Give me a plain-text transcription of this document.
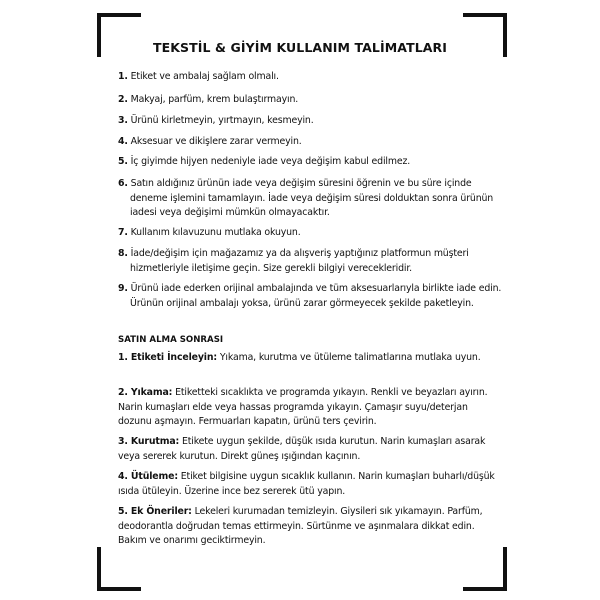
TEKSTİL & GİYİM KULLANIM TALİMATLARI
1. Etiket ve ambalaj sağlam olmalı.
2. Makyaj, parfüm, krem bulaştırmayın.
3. Ürünü kirletmeyin, yırtmayın, kesmeyin.
4. Aksesuar ve dikişlere zarar vermeyin.
5. İç giyimde hijyen nedeniyle iade veya değişim kabul edilmez.
6. Satın aldığınız ürünün iade veya değişim süresini öğrenin ve bu süre içinde deneme işlemini tamamlayın. İade veya değişim süresi dolduktan sonra ürünün iadesi veya değişimi mümkün olmayacaktır.
7. Kullanım kılavuzunu mutlaka okuyun.
8. İade/değişim için mağazamız ya da alışveriş yaptığınız platformun müşteri hizmetleriyle iletişime geçin. Size gerekli bilgiyi verecekleridir.
9. Ürünü iade ederken orijinal ambalajında ve tüm aksesuarlarıyla birlikte iade edin. Ürünün orijinal ambalajı yoksa, ürünü zarar görmeyecek şekilde paketleyin.
SATIN ALMA SONRASI
1. Etiketi İnceleyin: Yıkama, kurutma ve ütüleme talimatlarına mutlaka uyun.
2. Yıkama: Etiketteki sıcaklıkta ve programda yıkayın. Renkli ve beyazları ayırın. Narin kumaşları elde veya hassas programda yıkayın. Çamaşır suyu/deterjan dozunu aşmayın. Fermuarları kapatın, ürünü ters çevirin.
3. Kurutma: Etikete uygun şekilde, düşük ısıda kurutun. Narin kumaşları asarak veya sererek kurutun. Direkt güneş ışığından kaçının.
4. Ütüleme: Etiket bilgisine uygun sıcaklık kullanın. Narin kumaşları buharlı/düşük ısıda ütüleyin. Üzerine ince bez sererek ütü yapın.
5. Ek Öneriler: Lekeleri kurumadan temizleyin. Giysileri sık yıkamayın. Parfüm, deodorantla doğrudan temas ettirmeyin. Sürtünme ve aşınmalara dikkat edin. Bakım ve onarımı geciktirmeyin.
